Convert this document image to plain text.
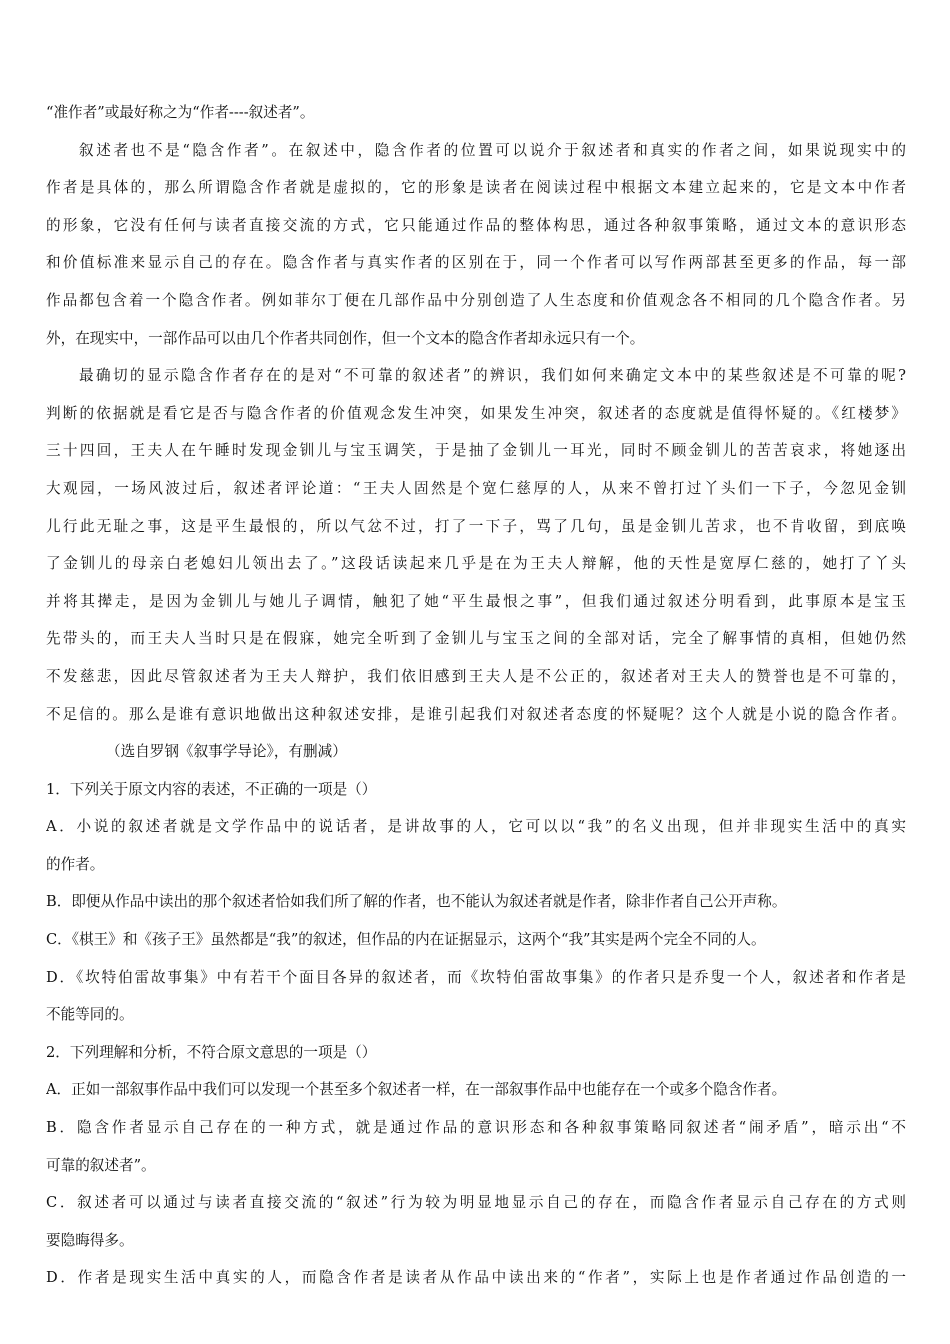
“准作者”或最好称之为“作者----叙述者”。
叙述者也不是“隐含作者”。在叙述中，隐含作者的位置可以说介于叙述者和真实的作者之间，如果说现实中的
作者是具体的，那么所谓隐含作者就是虚拟的，它的形象是读者在阅读过程中根据文本建立起来的，它是文本中作者
的形象，它没有任何与读者直接交流的方式，它只能通过作品的整体构思，通过各种叙事策略，通过文本的意识形态
和价值标准来显示自己的存在。隐含作者与真实作者的区别在于，同一个作者可以写作两部甚至更多的作品，每一部
作品都包含着一个隐含作者。例如菲尔丁便在几部作品中分别创造了人生态度和价值观念各不相同的几个隐含作者。另
外，在现实中，一部作品可以由几个作者共同创作，但一个文本的隐含作者却永远只有一个。
最确切的显示隐含作者存在的是对“不可靠的叙述者”的辨识，我们如何来确定文本中的某些叙述是不可靠的呢?
判断的依据就是看它是否与隐含作者的价值观念发生冲突，如果发生冲突，叙述者的态度就是值得怀疑的。《红楼梦》
三十四回，王夫人在午睡时发现金钏儿与宝玉调笑，于是抽了金钏儿一耳光，同时不顾金钏儿的苦苦哀求，将她逐出
大观园，一场风波过后，叙述者评论道：“王夫人固然是个宽仁慈厚的人，从来不曾打过丫头们一下子，今忽见金钏
儿行此无耻之事，这是平生最恨的，所以气忿不过，打了一下子，骂了几句，虽是金钏儿苦求，也不肯收留，到底唤
了金钏儿的母亲白老媳妇儿领出去了。”这段话读起来几乎是在为王夫人辩解，他的天性是宽厚仁慈的，她打了丫头
并将其撵走，是因为金钏儿与她儿子调情，触犯了她“平生最恨之事”，但我们通过叙述分明看到，此事原本是宝玉
先带头的，而王夫人当时只是在假寐，她完全听到了金钏儿与宝玉之间的全部对话，完全了解事情的真相，但她仍然
不发慈悲，因此尽管叙述者为王夫人辩护，我们依旧感到王夫人是不公正的，叙述者对王夫人的赞誉也是不可靠的，
不足信的。那么是谁有意识地做出这种叙述安排，是谁引起我们对叙述者态度的怀疑呢？这个人就是小说的隐含作者。
（选自罗钢《叙事学导论》，有删减）
1．下列关于原文内容的表述，不正确的一项是（）
A．小说的叙述者就是文学作品中的说话者，是讲故事的人，它可以以“我”的名义出现，但并非现实生活中的真实
的作者。
B．即便从作品中读出的那个叙述者恰如我们所了解的作者，也不能认为叙述者就是作者，除非作者自己公开声称。
C．《棋王》和《孩子王》虽然都是“我”的叙述，但作品的内在证据显示，这两个“我”其实是两个完全不同的人。
D．《坎特伯雷故事集》中有若干个面目各异的叙述者，而《坎特伯雷故事集》的作者只是乔叟一个人，叙述者和作者是
不能等同的。
2．下列理解和分析，不符合原文意思的一项是（）
A．正如一部叙事作品中我们可以发现一个甚至多个叙述者一样，在一部叙事作品中也能存在一个或多个隐含作者。
B．隐含作者显示自己存在的一种方式，就是通过作品的意识形态和各种叙事策略同叙述者“闹矛盾”，暗示出“不
可靠的叙述者”。
C．叙述者可以通过与读者直接交流的“叙述”行为较为明显地显示自己的存在，而隐含作者显示自己存在的方式则
要隐晦得多。
D．作者是现实生活中真实的人，而隐含作者是读者从作品中读出来的“作者”，实际上也是作者通过作品创造的一
